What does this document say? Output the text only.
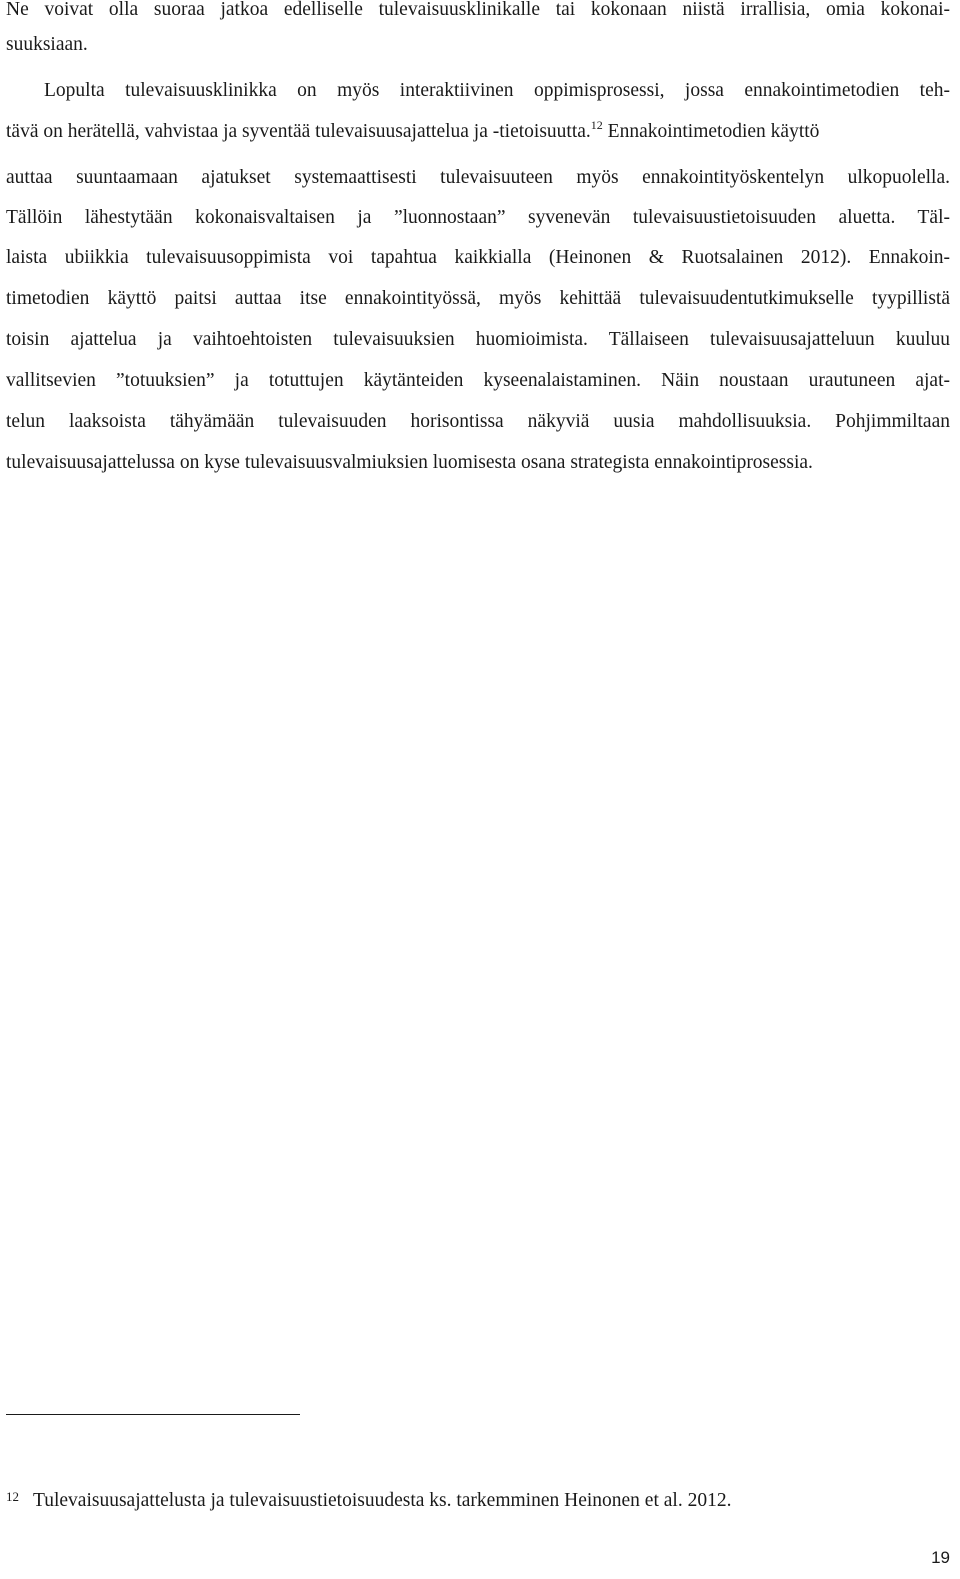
Ne voivat olla suoraa jatkoa edelliselle tulevaisuusklinikalle tai kokonaan niistä irrallisia, omia kokonai-
suuksiaan.
Lopulta tulevaisuusklinikka on myös interaktiivinen oppimisprosessi, jossa ennakointimetodien teh-
tävä on herätellä, vahvistaa ja syventää tulevaisuusajattelua ja -tietoisuutta.$^{12}$ Ennakointimetodien käyttö
auttaa suuntaamaan ajatukset systemaattisesti tulevaisuuteen myös ennakointityöskentelyn ulkopuolella.
Tällöin lähestytään kokonaisvaltaisen ja ”luonnostaan” syvenevän tulevaisuustietoisuuden aluetta. Täl-
laista ubiikkia tulevaisuusoppimista voi tapahtua kaikkialla (Heinonen & Ruotsalainen 2012). Ennakoin-
timetodien käyttö paitsi auttaa itse ennakointityössä, myös kehittää tulevaisuudentutkimukselle tyypillistä
toisin ajattelua ja vaihtoehtoisten tulevaisuuksien huomioimista. Tällaiseen tulevaisuusajatteluun kuuluu
vallitsevien ”totuuksien” ja totuttujen käytänteiden kyseenalaistaminen. Näin noustaan urautuneen ajat-
telun laaksoista tähyämään tulevaisuuden horisontissa näkyviä uusia mahdollisuuksia. Pohjimmiltaan
tulevaisuusajattelussa on kyse tulevaisuusvalmiuksien luomisesta osana strategista ennakointiprosessia.
$^{12}$ Tulevaisuusajattelusta ja tulevaisuustietoisuudesta ks. tarkemminen Heinonen et al. 2012.
19
